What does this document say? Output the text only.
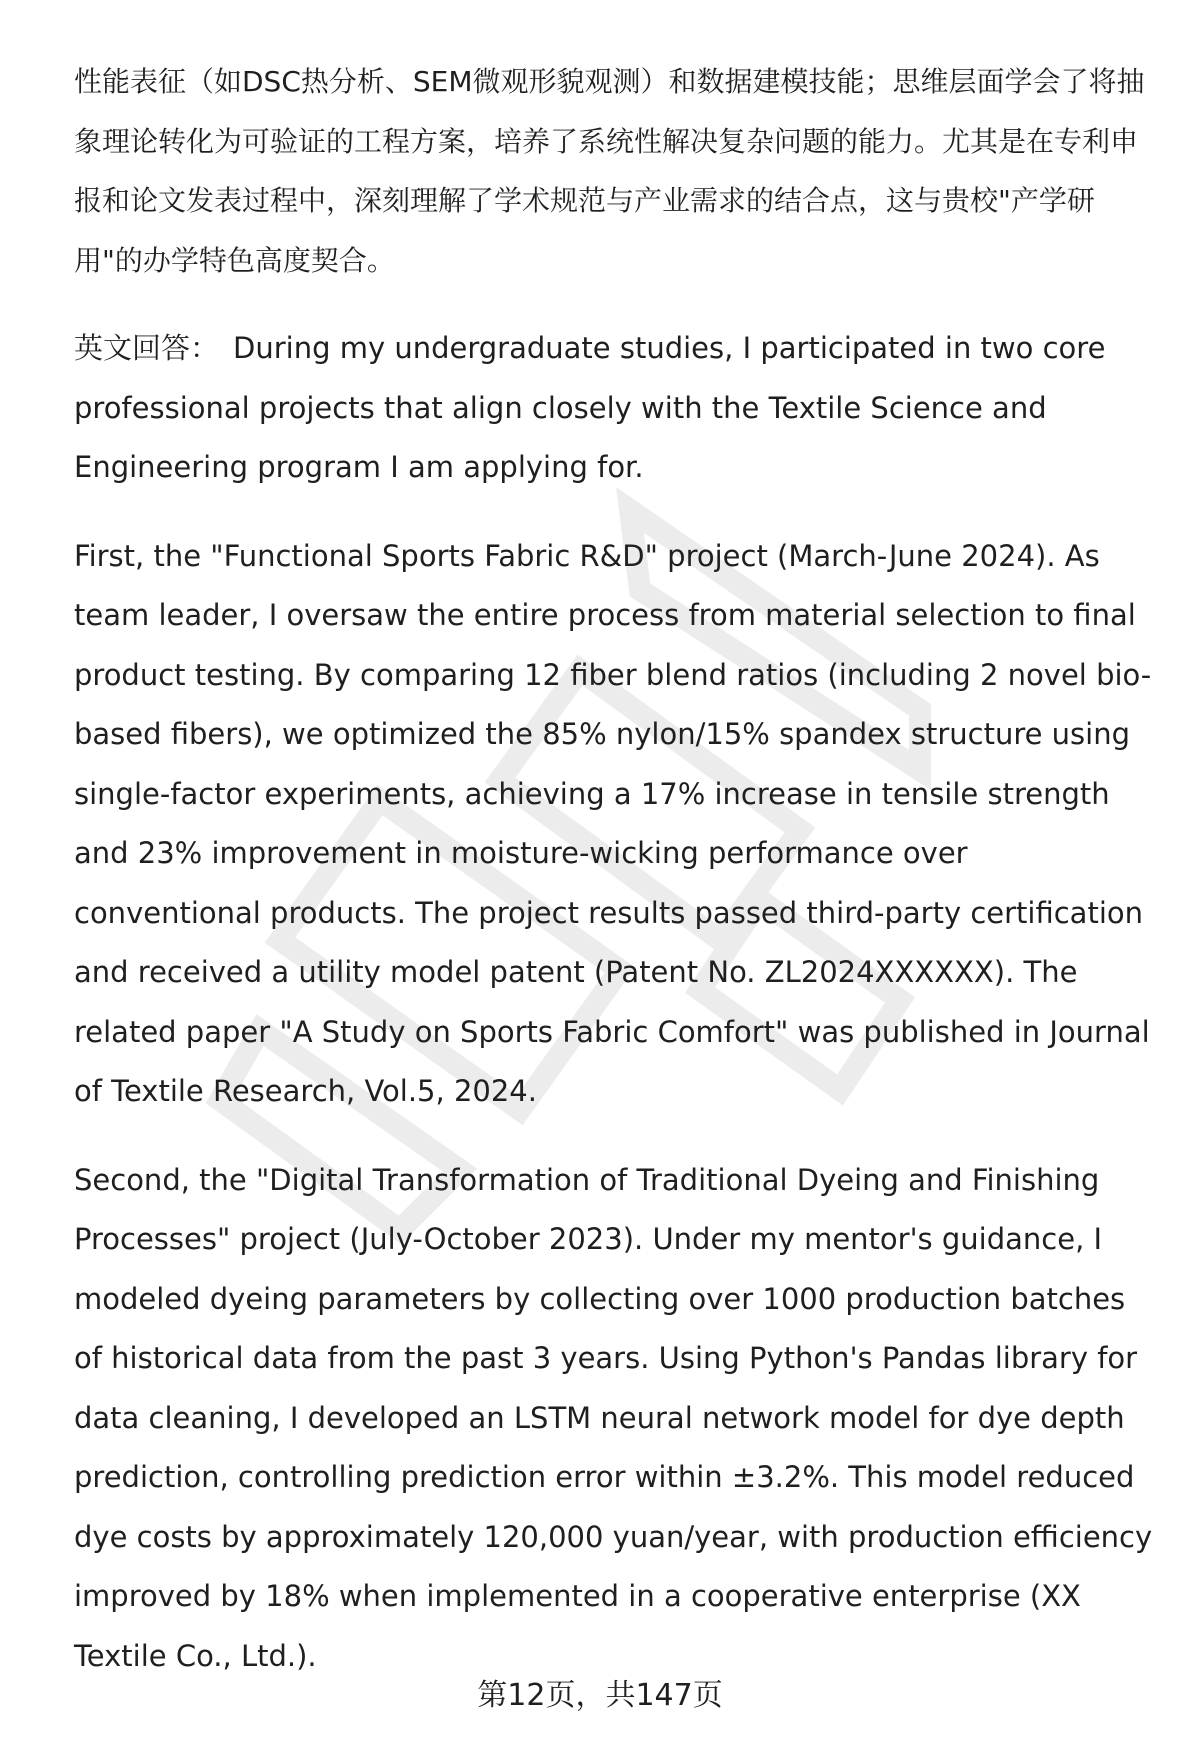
性能表征（如DSC热分析、SEM微观形貌观测）和数据建模技能；思维层面学会了将抽象理论转化为可验证的工程方案，培养了系统性解决复杂问题的能力。尤其是在专利申报和论文发表过程中，深刻理解了学术规范与产业需求的结合点，这与贵校"产学研用"的办学特色高度契合。

英文回答： During my undergraduate studies, I participated in two core professional projects that align closely with the Textile Science and Engineering program I am applying for.

First, the "Functional Sports Fabric R&D" project (March-June 2024). As team leader, I oversaw the entire process from material selection to final product testing. By comparing 12 fiber blend ratios (including 2 novel bio-based fibers), we optimized the 85% nylon/15% spandex structure using single-factor experiments, achieving a 17% increase in tensile strength and 23% improvement in moisture-wicking performance over conventional products. The project results passed third-party certification and received a utility model patent (Patent No. ZL2024XXXXXX). The related paper "A Study on Sports Fabric Comfort" was published in Journal of Textile Research, Vol.5, 2024.

Second, the "Digital Transformation of Traditional Dyeing and Finishing Processes" project (July-October 2023). Under my mentor's guidance, I modeled dyeing parameters by collecting over 1000 production batches of historical data from the past 3 years. Using Python's Pandas library for data cleaning, I developed an LSTM neural network model for dye depth prediction, controlling prediction error within ±3.2%. This model reduced dye costs by approximately 120,000 yuan/year, with production efficiency improved by 18% when implemented in a cooperative enterprise (XX Textile Co., Ltd.).

第12页，共147页
